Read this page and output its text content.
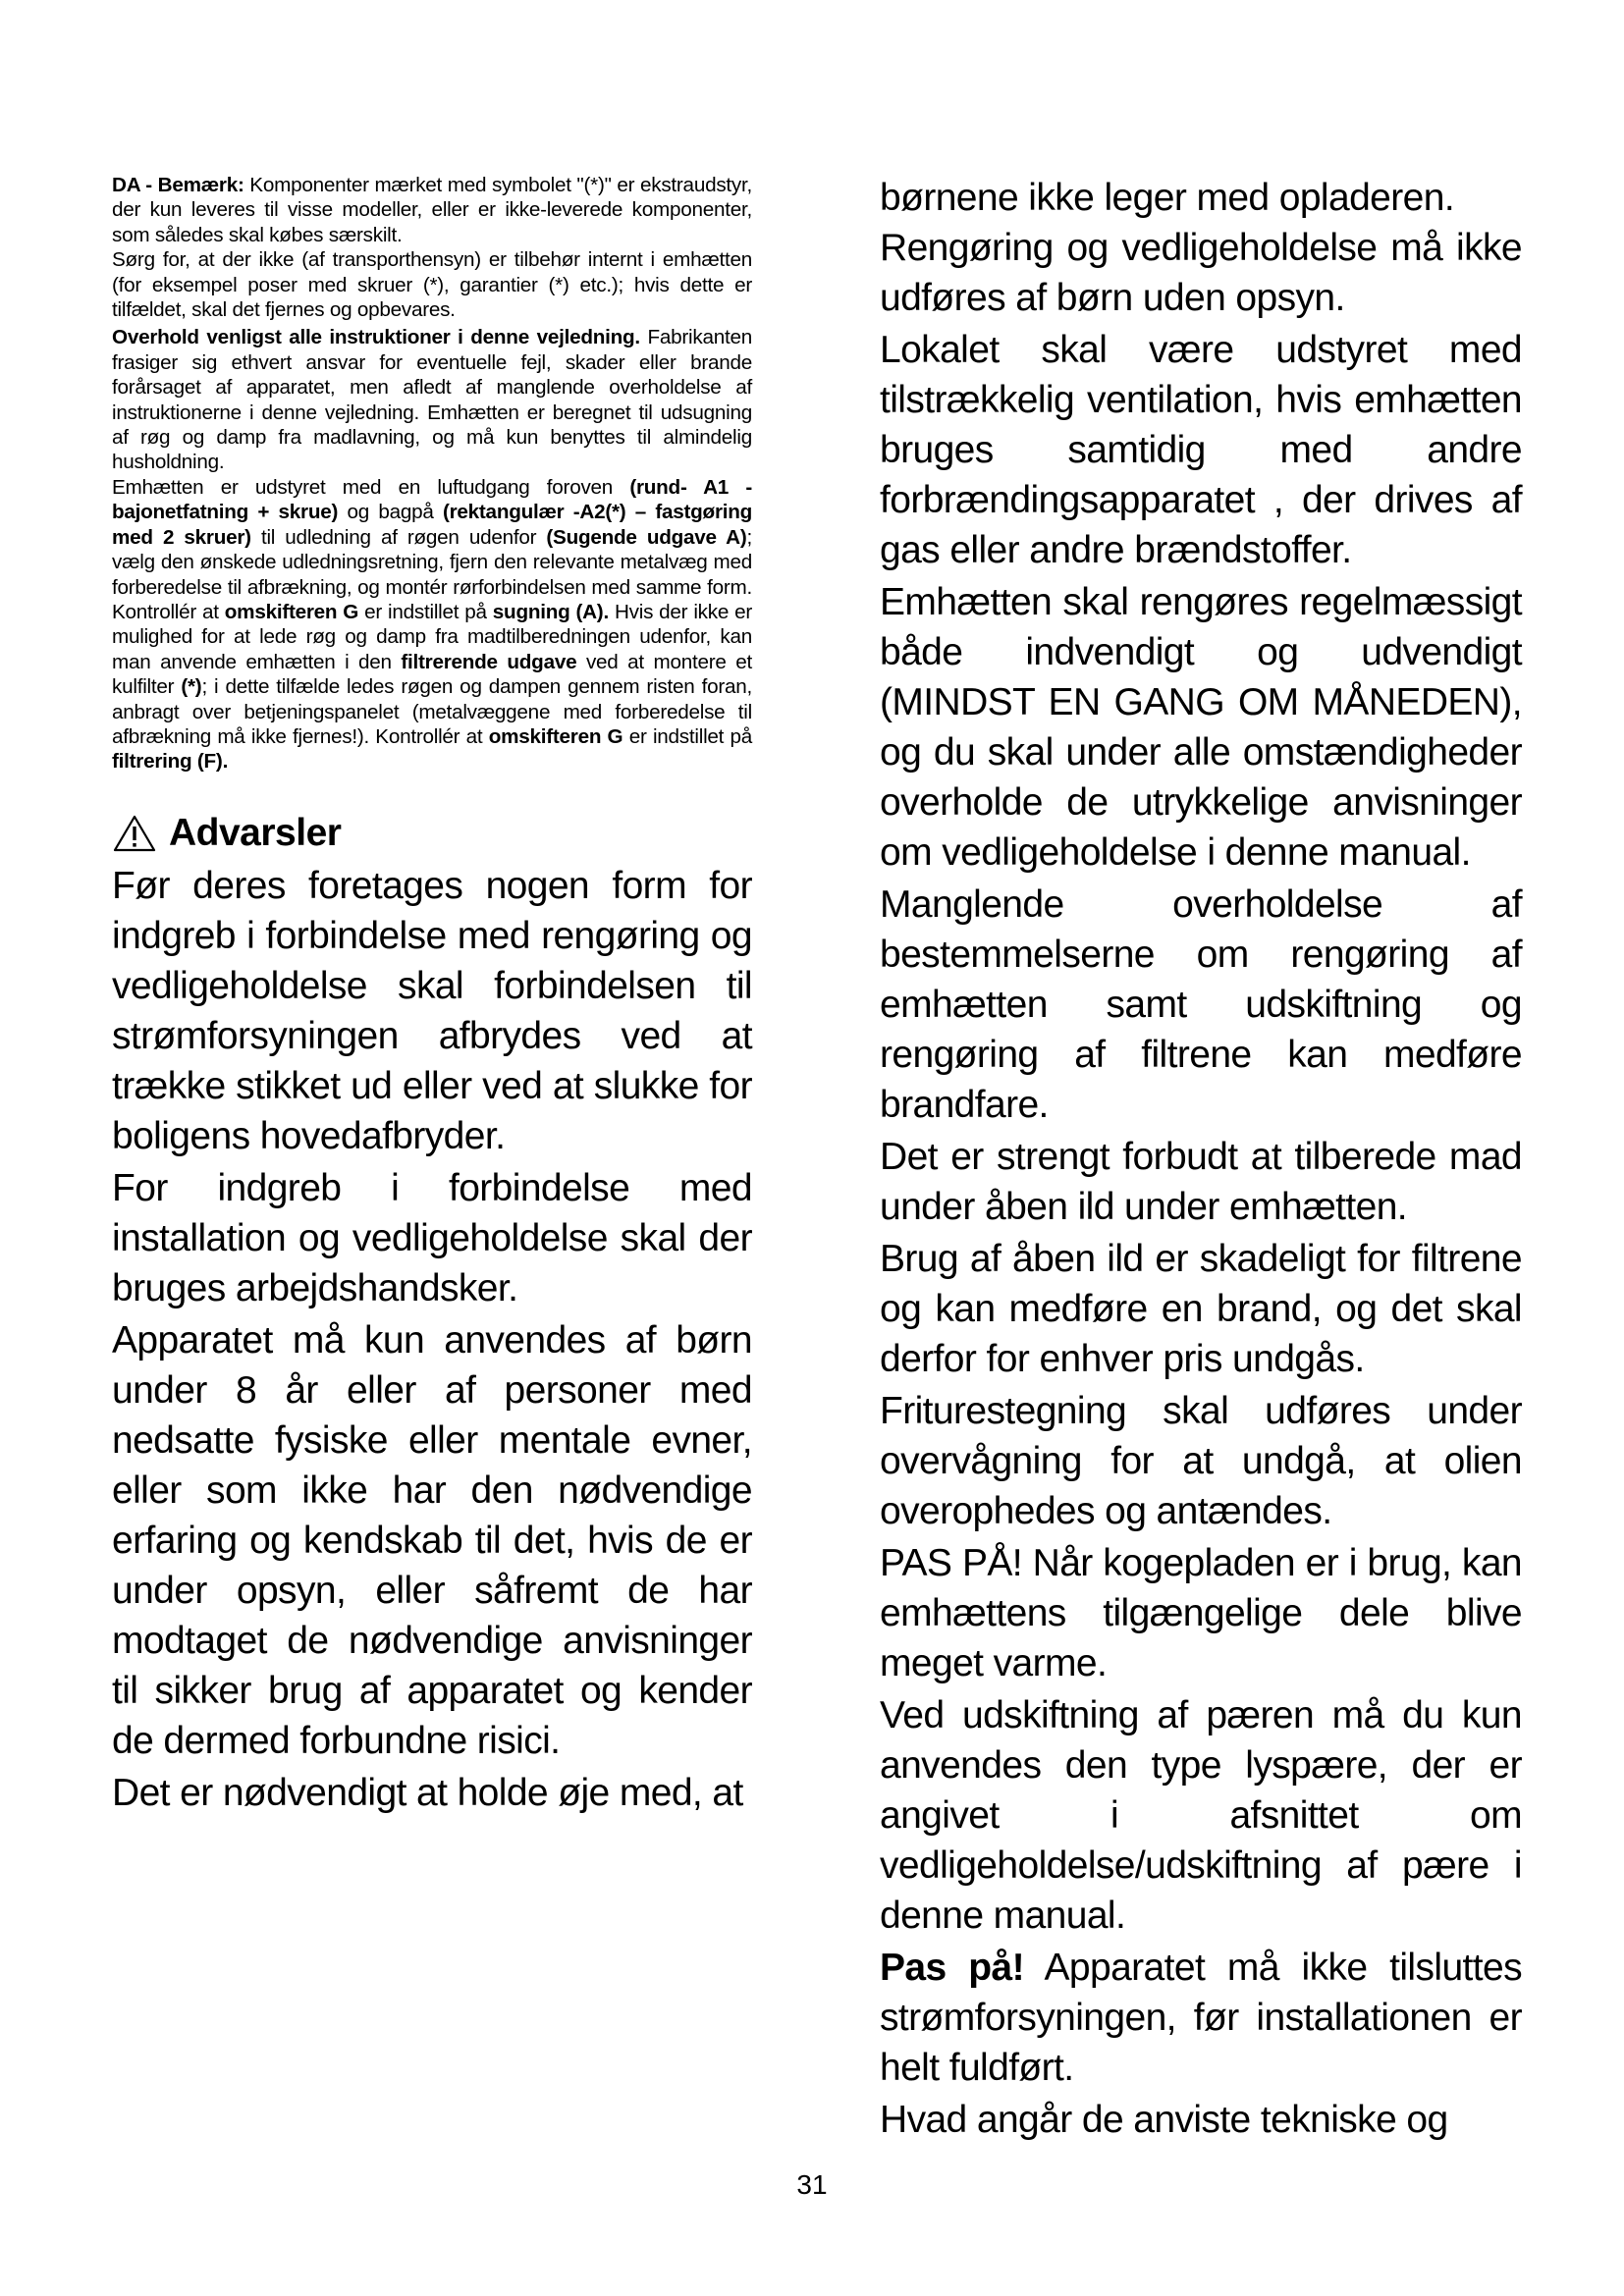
DA - Bemærk: Komponenter mærket med symbolet "(*)" er ekstraudstyr, der kun leveres til visse modeller, eller er ikke-leverede komponenter, som således skal købes særskilt.

Sørg for, at der ikke (af transporthensyn) er tilbehør internt i emhætten (for eksempel poser med skruer (*), garantier (*) etc.); hvis dette er tilfældet, skal det fjernes og opbevares.

Overhold venligst alle instruktioner i denne vejledning. Fabrikanten frasiger sig ethvert ansvar for eventuelle fejl, skader eller brande forårsaget af apparatet, men afledt af manglende overholdelse af instruktionerne i denne vejledning. Emhætten er beregnet til udsugning af røg og damp fra madlavning, og må kun benyttes til almindelig husholdning.

Emhætten er udstyret med en luftudgang foroven (rund- A1 - bajonetfatning + skrue) og bagpå (rektangulær -A2(*) – fastgøring med 2 skruer) til udledning af røgen udenfor (Sugende udgave A); vælg den ønskede udledningsretning, fjern den relevante metalvæg med forberedelse til afbrækning, og montér rørforbindelsen med samme form. Kontrollér at omskifteren G er indstillet på sugning (A). Hvis der ikke er mulighed for at lede røg og damp fra madtilberedningen udenfor, kan man anvende emhætten i den filtrerende udgave ved at montere et kulfilter (*); i dette tilfælde ledes røgen og dampen gennem risten foran, anbragt over betjeningspanelet (metalvæggene med forberedelse til afbrækning må ikke fjernes!). Kontrollér at omskifteren G er indstillet på filtrering (F).

Advarsler

Før deres foretages nogen form for indgreb i forbindelse med rengøring og vedligeholdelse skal forbindelsen til strømforsyningen afbrydes ved at trække stikket ud eller ved at slukke for boligens hovedafbryder.

For indgreb i forbindelse med installation og vedligeholdelse skal der bruges arbejdshandsker.

Apparatet må kun anvendes af børn under 8 år eller af personer med nedsatte fysiske eller mentale evner, eller som ikke har den nødvendige erfaring og kendskab til det, hvis de er under opsyn, eller såfremt de har modtaget de nødvendige anvisninger til sikker brug af apparatet og kender de dermed forbundne risici.

Det er nødvendigt at holde øje med, at

børnene ikke leger med opladeren.

Rengøring og vedligeholdelse må ikke udføres af børn uden opsyn.

Lokalet skal være udstyret med tilstrækkelig ventilation, hvis emhætten bruges samtidig med andre forbrændingsapparatet , der drives af gas eller andre brændstoffer.

Emhætten skal rengøres regelmæssigt både indvendigt og udvendigt (MINDST EN GANG OM MÅNEDEN), og du skal under alle omstændigheder overholde de utrykkelige anvisninger om vedligeholdelse i denne manual.

Manglende overholdelse af bestemmelserne om rengøring af emhætten samt udskiftning og rengøring af filtrene kan medføre brandfare.

Det er strengt forbudt at tilberede mad under åben ild under emhætten.

Brug af åben ild er skadeligt for filtrene og kan medføre en brand, og det skal derfor for enhver pris undgås.

Friturestegning skal udføres under overvågning for at undgå, at olien overophedes og antændes.

PAS PÅ! Når kogepladen er i brug, kan emhættens tilgængelige dele blive meget varme.

Ved udskiftning af pæren må du kun anvendes den type lyspære, der er angivet i afsnittet om vedligeholdelse/udskiftning af pære i denne manual.

Pas på! Apparatet må ikke tilsluttes strømforsyningen, før installationen er helt fuldført.

Hvad angår de anviste tekniske og

31
